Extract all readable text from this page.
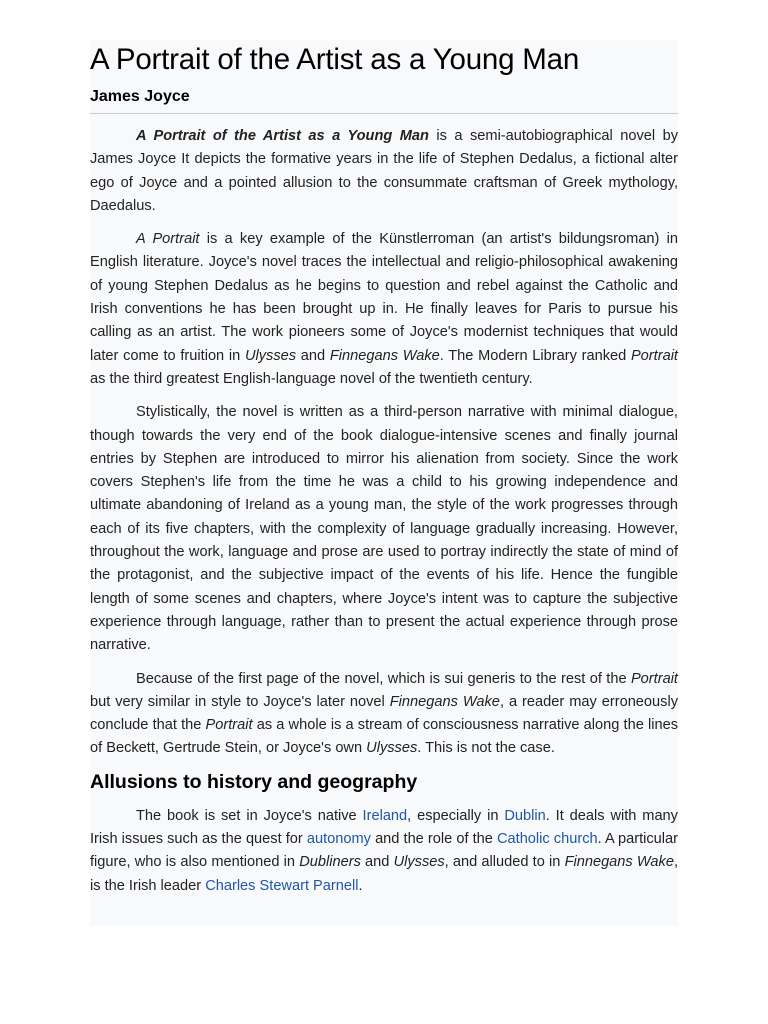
A Portrait of the Artist as a Young Man
James Joyce

A Portrait of the Artist as a Young Man is a semi-autobiographical novel by James Joyce It depicts the formative years in the life of Stephen Dedalus, a fictional alter ego of Joyce and a pointed allusion to the consummate craftsman of Greek mythology, Daedalus.

A Portrait is a key example of the Künstlerroman (an artist's bildungsroman) in English literature. Joyce's novel traces the intellectual and religio-philosophical awakening of young Stephen Dedalus as he begins to question and rebel against the Catholic and Irish conventions he has been brought up in. He finally leaves for Paris to pursue his calling as an artist. The work pioneers some of Joyce's modernist techniques that would later come to fruition in Ulysses and Finnegans Wake. The Modern Library ranked Portrait as the third greatest English-language novel of the twentieth century.

Stylistically, the novel is written as a third-person narrative with minimal dialogue, though towards the very end of the book dialogue-intensive scenes and finally journal entries by Stephen are introduced to mirror his alienation from society. Since the work covers Stephen's life from the time he was a child to his growing independence and ultimate abandoning of Ireland as a young man, the style of the work progresses through each of its five chapters, with the complexity of language gradually increasing. However, throughout the work, language and prose are used to portray indirectly the state of mind of the protagonist, and the subjective impact of the events of his life. Hence the fungible length of some scenes and chapters, where Joyce's intent was to capture the subjective experience through language, rather than to present the actual experience through prose narrative.

Because of the first page of the novel, which is sui generis to the rest of the Portrait but very similar in style to Joyce's later novel Finnegans Wake, a reader may erroneously conclude that the Portrait as a whole is a stream of consciousness narrative along the lines of Beckett, Gertrude Stein, or Joyce's own Ulysses. This is not the case.

Allusions to history and geography

The book is set in Joyce's native Ireland, especially in Dublin. It deals with many Irish issues such as the quest for autonomy and the role of the Catholic church. A particular figure, who is also mentioned in Dubliners and Ulysses, and alluded to in Finnegans Wake, is the Irish leader Charles Stewart Parnell.
